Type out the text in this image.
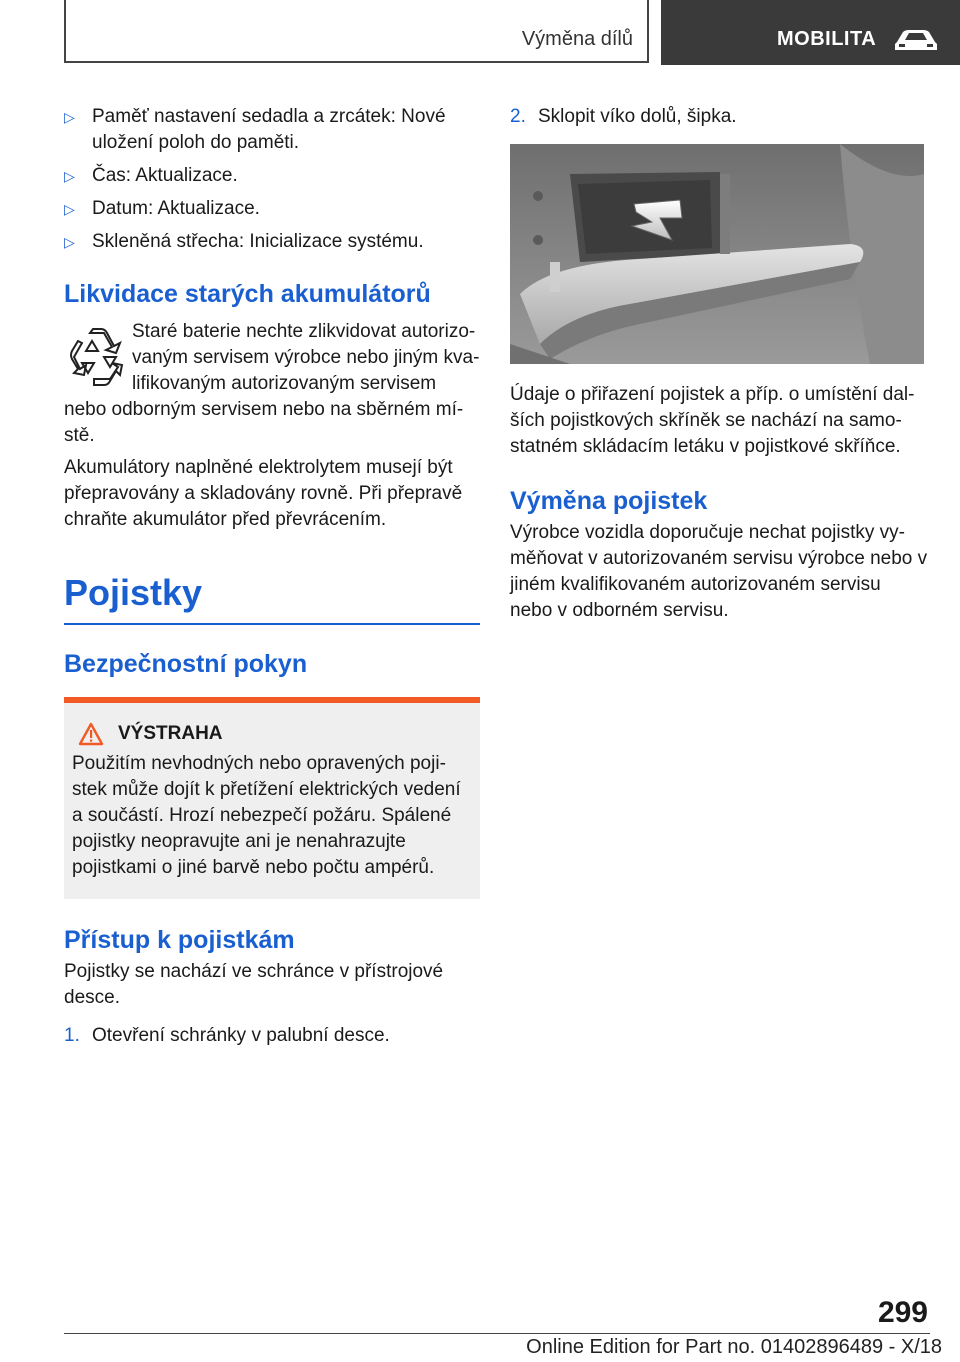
Výměna dílů	MOBILITA
▷ Paměť nastavení sedadla a zrcátek: Nové uložení poloh do paměti.
▷ Čas: Aktualizace.
▷ Datum: Aktualizace.
▷ Skleněná střecha: Inicializace systému.
Likvidace starých akumulátorů

Staré baterie nechte zlikvidovat autorizovaným servisem výrobce nebo jiným kvalifikovaným autorizovaným servisem nebo odborným servisem nebo na sběrném místě.

Akumulátory naplněné elektrolytem musejí být přepravovány a skladovány rovně. Při přepravě chraňte akumulátor před převrácením.

Pojistky
Bezpečnostní pokyn
VÝSTRAHA

Použitím nevhodných nebo opravených pojistek může dojít k přetížení elektrických vedení a součástí. Hrozí nebezpečí požáru. Spálené pojistky neopravujte ani je nenahrazujte pojistkami o jiné barvě nebo počtu ampérů.

Přístup k pojistkám

Pojistky se nachází ve schránce v přístrojové desce.

1. Otevření schránky v palubní desce.
2. Sklopit víko dolů, šipka.

Údaje o přiřazení pojistek a příp. o umístění dalších pojistkových skříněk se nachází na samostatném skládacím letáku v pojistkové skříňce.

Výměna pojistek

Výrobce vozidla doporučuje nechat pojistky vyměňovat v autorizovaném servisu výrobce nebo v jiném kvalifikovaném autorizovaném servisu nebo v odborném servisu.

299
Online Edition for Part no. 01402896489 - X/18
